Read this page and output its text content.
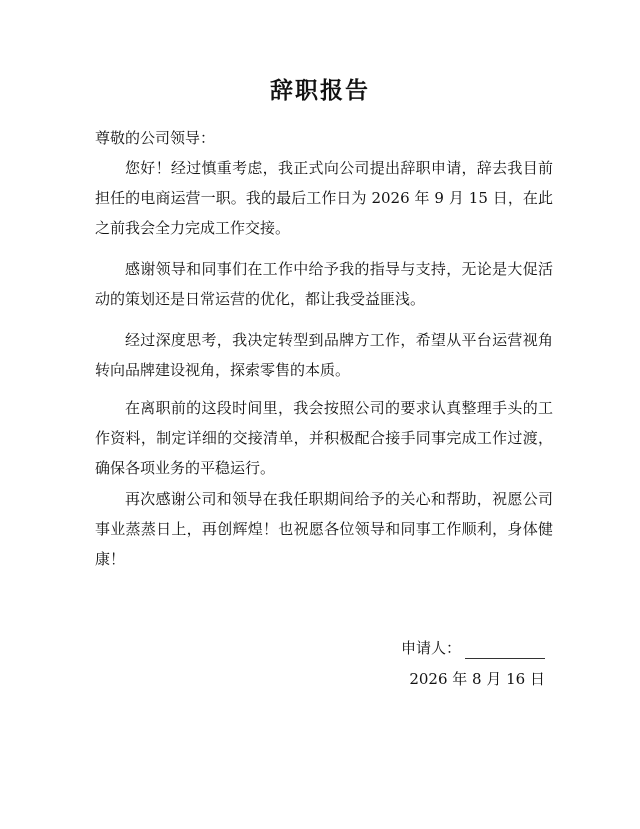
辞职报告
尊敬的公司领导：

您好！经过慎重考虑，我正式向公司提出辞职申请，辞去我目前担任的电商运营一职。我的最后工作日为 2026 年 9 月 15 日，在此之前我会全力完成工作交接。

感谢领导和同事们在工作中给予我的指导与支持，无论是大促活动的策划还是日常运营的优化，都让我受益匪浅。

经过深度思考，我决定转型到品牌方工作，希望从平台运营视角转向品牌建设视角，探索零售的本质。

在离职前的这段时间里，我会按照公司的要求认真整理手头的工作资料，制定详细的交接清单，并积极配合接手同事完成工作过渡，确保各项业务的平稳运行。

再次感谢公司和领导在我任职期间给予的关心和帮助，祝愿公司事业蒸蒸日上，再创辉煌！也祝愿各位领导和同事工作顺利，身体健康！

申请人：
2026 年 8 月 16 日
